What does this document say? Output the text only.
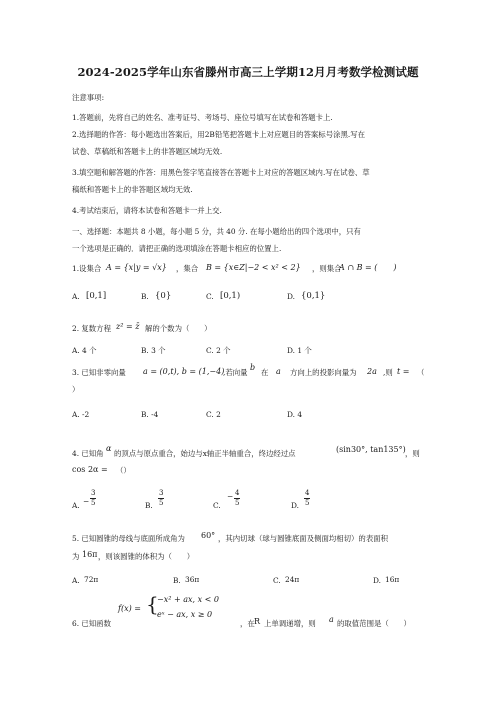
2024-2025学年山东省滕州市高三上学期12月月考数学检测试题
注意事项:
1.答题前，先将自己的姓名、准考证号、考场号、座位号填写在试卷和答题卡上.
2.选择题的作答：每小题选出答案后，用2B铅笔把答题卡上对应题目的答案标号涂黑.写在
试卷、草稿纸和答题卡上的非答题区域均无效.
3.填空题和解答题的作答：用黑色签字笔直接答在答题卡上对应的答题区域内.写在试卷、草
稿纸和答题卡上的非答题区域均无效.
4.考试结束后，请将本试卷和答题卡一并上交.
一、选择题：本题共 8 小题，每小题 5 分，共 40 分. 在每小题给出的四个选项中，只有
一个选项是正确的．请把正确的选项填涂在答题卡相应的位置上.
1.设集合 A = {x|y = √x} ，集合 B = {x∈Z|−2 < x² < 2} ，则集合
A ∩ B = (　　)
A. [0,1]	B. {0}	C. [0,1)	D. {0,1}
2. 复数方程 z² = z̄ 解的个数为（　　）
A. 4 个	B. 3 个	C. 2 个	D. 1 个
3. 已知非零向量 a = (0,t), b = (1,−4)
,若向量
b
在 a 方向上的投影向量为 2a ,则 t = （
）
A. -2	B. -4	C. 2	D. 4
4. 已知角
α
的顶点与原点重合，始边与x轴正半轴重合，终边经过点	(sin30°, tan135°) ，则
cos 2α = （）
A. − $\frac{3}{5}$	B. $\frac{3}{5}$	C.
− $\frac{4}{5}$	D. $\frac{4}{5}$
5. 已知圆锥的母线与底面所成角为 60° ，其内切球（球与圆锥底面及侧面均相切）的表面积
为 16π ，则该圆锥的体积为（　　）
A. 72π	B. 36π	C. 24π	D. 16π
6. 已知函数
f(x) = {
−x² + ax, x < 0
eˣ − ax, x ≥ 0
，在 R 上单调递增，则 a 的取值范围是（　　）
